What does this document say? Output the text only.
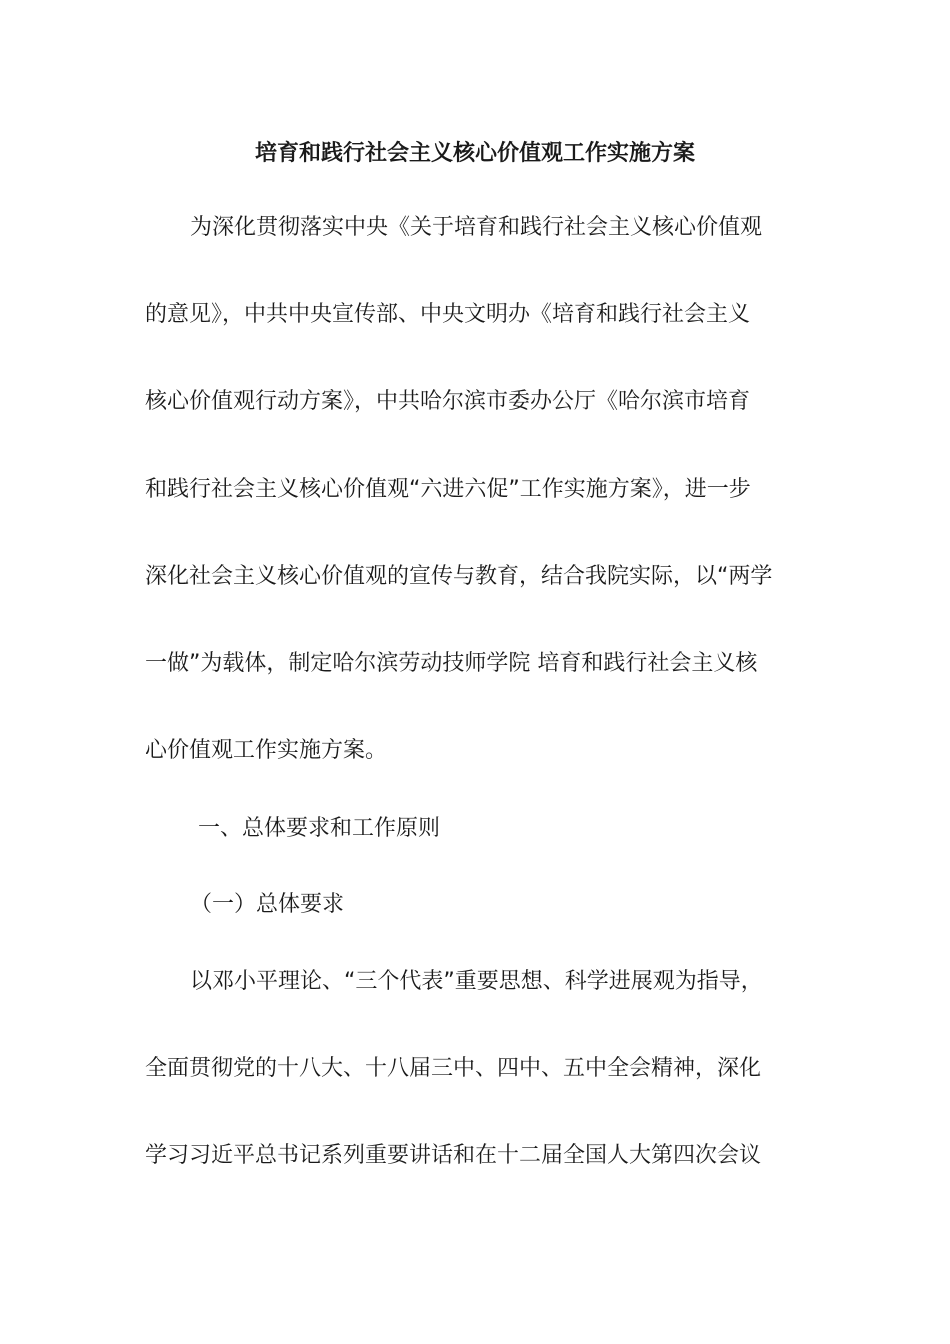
培育和践行社会主义核心价值观工作实施方案
为深化贯彻落实中央《关于培育和践行社会主义核心价值观
的意见》，中共中央宣传部、中央文明办《培育和践行社会主义
核心价值观行动方案》，中共哈尔滨市委办公厅《哈尔滨市培育
和践行社会主义核心价值观“六进六促”工作实施方案》，进一步
深化社会主义核心价值观的宣传与教育，结合我院实际，以“两学
一做”为载体，制定哈尔滨劳动技师学院 培育和践行社会主义核
心价值观工作实施方案。
一、总体要求和工作原则
（一）总体要求
以邓小平理论、“三个代表”重要思想、科学进展观为指导，
全面贯彻党的十八大、十八届三中、四中、五中全会精神，深化
学习习近平总书记系列重要讲话和在十二届全国人大第四次会议
